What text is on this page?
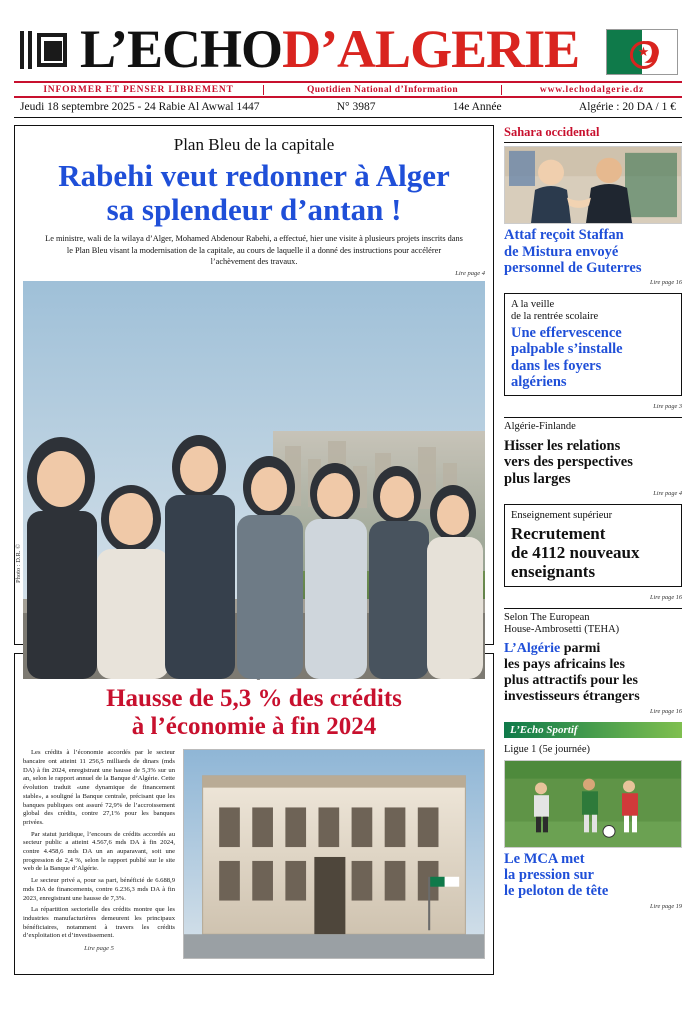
L’ECHOD’ALGERIE	★
INFORMER ET PENSER LIBREMENT	Quotidien National d’Information	www.lechodalgerie.dz
Jeudi 18 septembre 2025 - 24 Rabie Al Awwal 1447	N° 3987	14e Année	Algérie : 20 DA / 1 €
Plan Bleu de la capitale
Rabehi veut redonner à Alger
sa splendeur d’antan !
Le ministre, wali de la wilaya d’Alger, Mohamed Abdenour Rabehi, a effectué, hier une visite à plusieurs projets inscrits dans le Plan Bleu visant la modernisation de la capitale, au cours de laquelle il a donné des instructions pour accélérer l’achèvement des travaux.
Lire page 4
Photo : D.R. ©
Hausse de 5,3 % des crédits
à l’économie à fin 2024

Les crédits à l’économie accordés par le secteur bancaire ont atteint 11 256,5 milliards de dinars (mds DA) à fin 2024, enregistrant une hausse de 5,3% sur un an, selon le rapport annuel de la Banque d’Algérie. Cette évolution traduit «une dynamique de financement stable», a souligné la Banque centrale, précisant que les banques publiques ont assuré 72,9% de l’accroissement global des crédits, contre 27,1% pour les banques privées.

Par statut juridique, l’encours de crédits accordés au secteur public a atteint 4.567,6 mds DA à fin 2024, contre 4.458,6 mds DA un an auparavant, soit une progression de 2,4 %, selon le rapport publié sur le site web de la Banque d’Algérie.

Le secteur privé a, pour sa part, bénéficié de 6.688,9 mds DA de financements, contre 6.236,3 mds DA à fin 2023, enregistrant une hausse de 7,3%.

La répartition sectorielle des crédits montre que les industries manufacturières demeurent les principaux bénéficiaires, notamment à travers les crédits d’exploitation et d’investissement.

Lire page 5
Sahara occidental
Attaf reçoit Staffan
de Mistura envoyé
personnel de Guterres
Lire page 16
A la veille
de la rentrée scolaire
Une effervescence
palpable s’installe
dans les foyers
algériens
Lire page 3
Algérie-Finlande
Hisser les relations
vers des perspectives
plus larges
Lire page 4
Enseignement supérieur
Recrutement
de 4112 nouveaux
enseignants
Lire page 16
Selon The European
House-Ambrosetti (TEHA)
L’Algérie parmi
les pays africains les
plus attractifs pour les
investisseurs étrangers
Lire page 16
L’Echo Sportif
Ligue 1 (5e journée)
Le MCA met
la pression sur
le peloton de tête
Lire page 19
